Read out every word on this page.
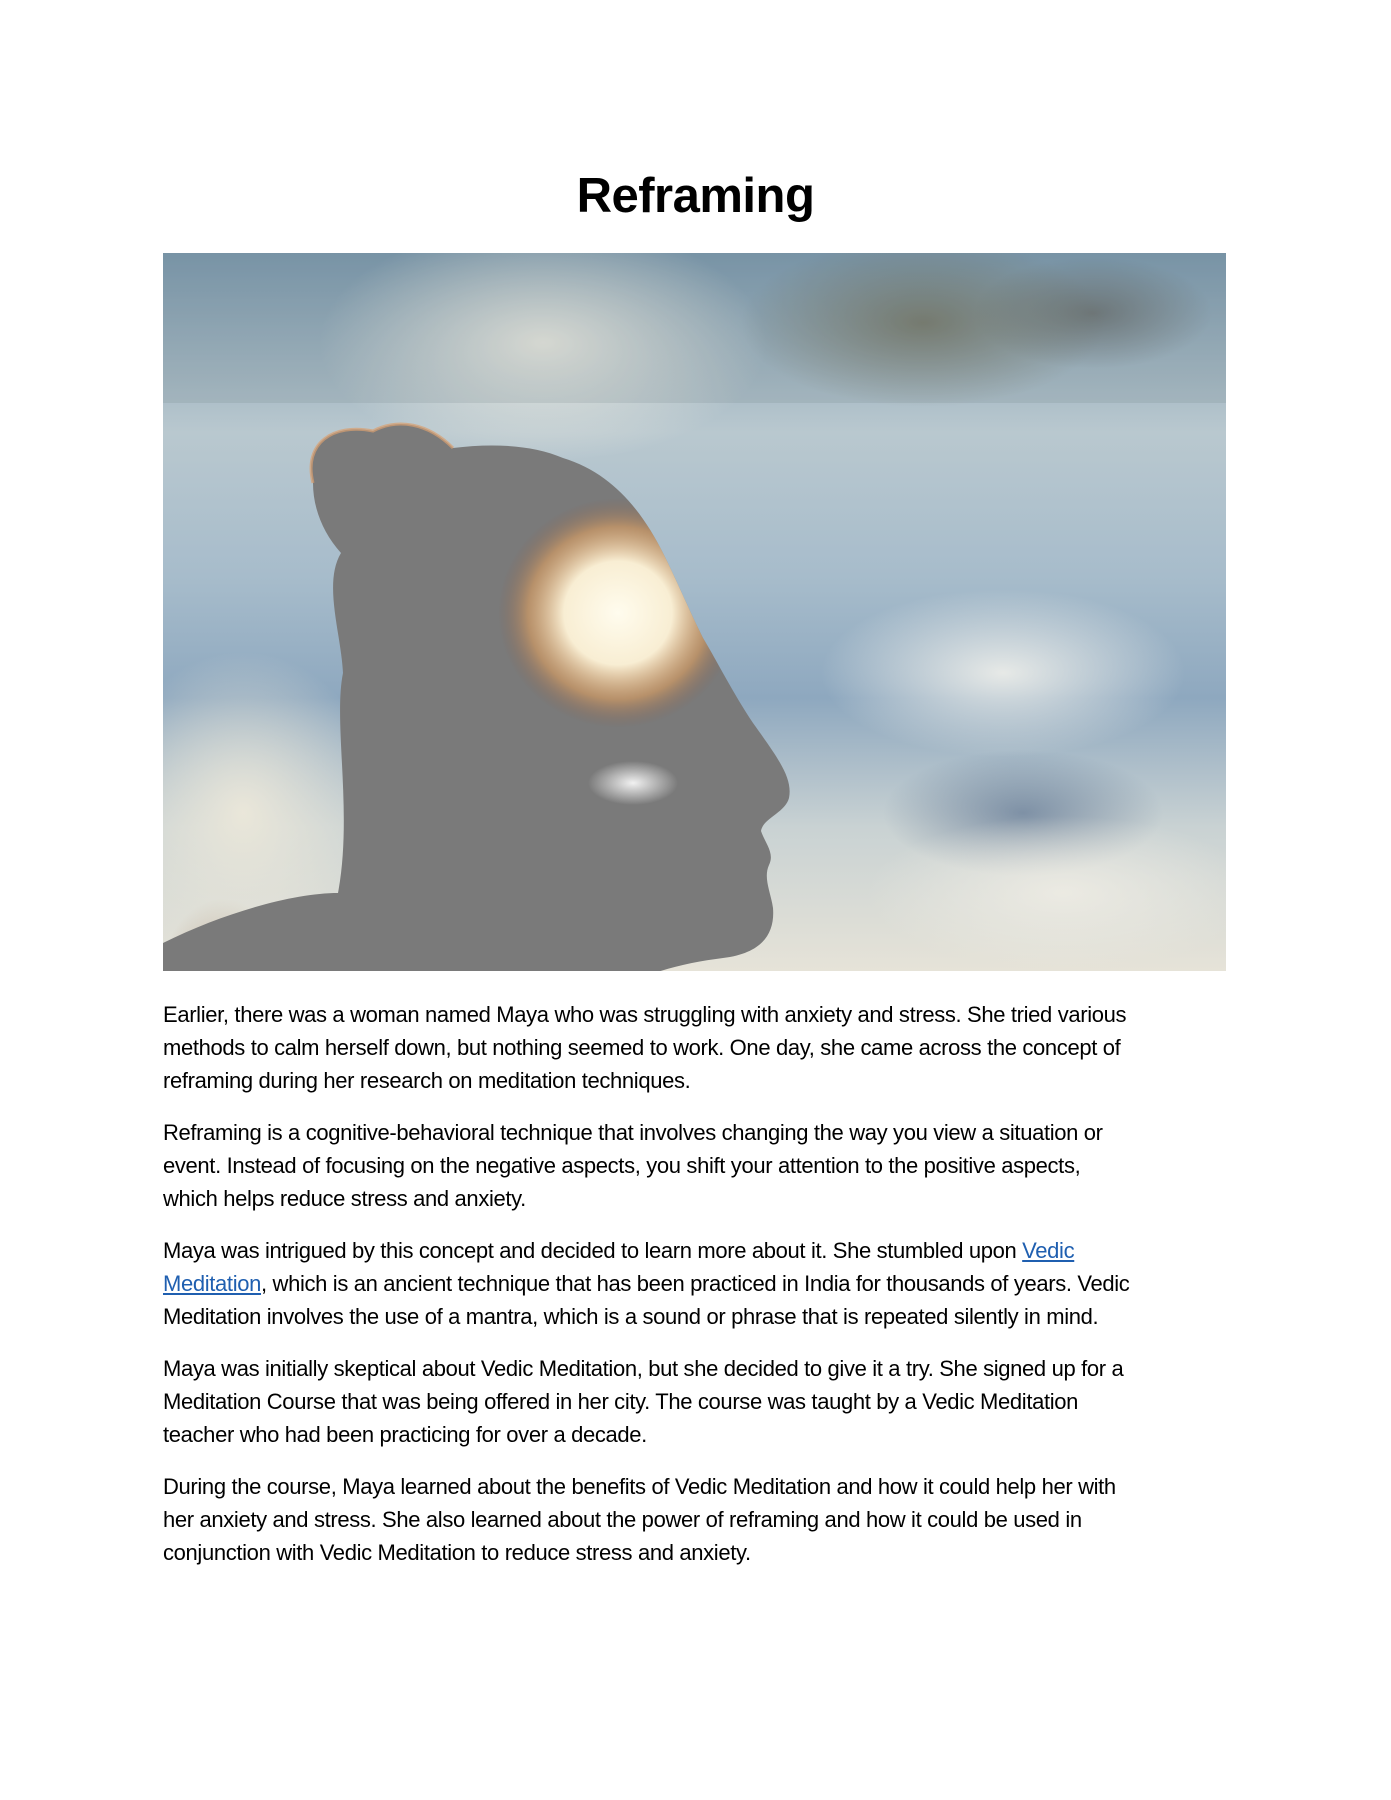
Reframing

Earlier, there was a woman named Maya who was struggling with anxiety and stress. She tried various
methods to calm herself down, but nothing seemed to work. One day, she came across the concept of
reframing during her research on meditation techniques.

Reframing is a cognitive-behavioral technique that involves changing the way you view a situation or
event. Instead of focusing on the negative aspects, you shift your attention to the positive aspects,
which helps reduce stress and anxiety.

Maya was intrigued by this concept and decided to learn more about it. She stumbled upon Vedic
Meditation, which is an ancient technique that has been practiced in India for thousands of years. Vedic
Meditation involves the use of a mantra, which is a sound or phrase that is repeated silently in mind.

Maya was initially skeptical about Vedic Meditation, but she decided to give it a try. She signed up for a
Meditation Course that was being offered in her city. The course was taught by a Vedic Meditation
teacher who had been practicing for over a decade.

During the course, Maya learned about the benefits of Vedic Meditation and how it could help her with
her anxiety and stress. She also learned about the power of reframing and how it could be used in
conjunction with Vedic Meditation to reduce stress and anxiety.
